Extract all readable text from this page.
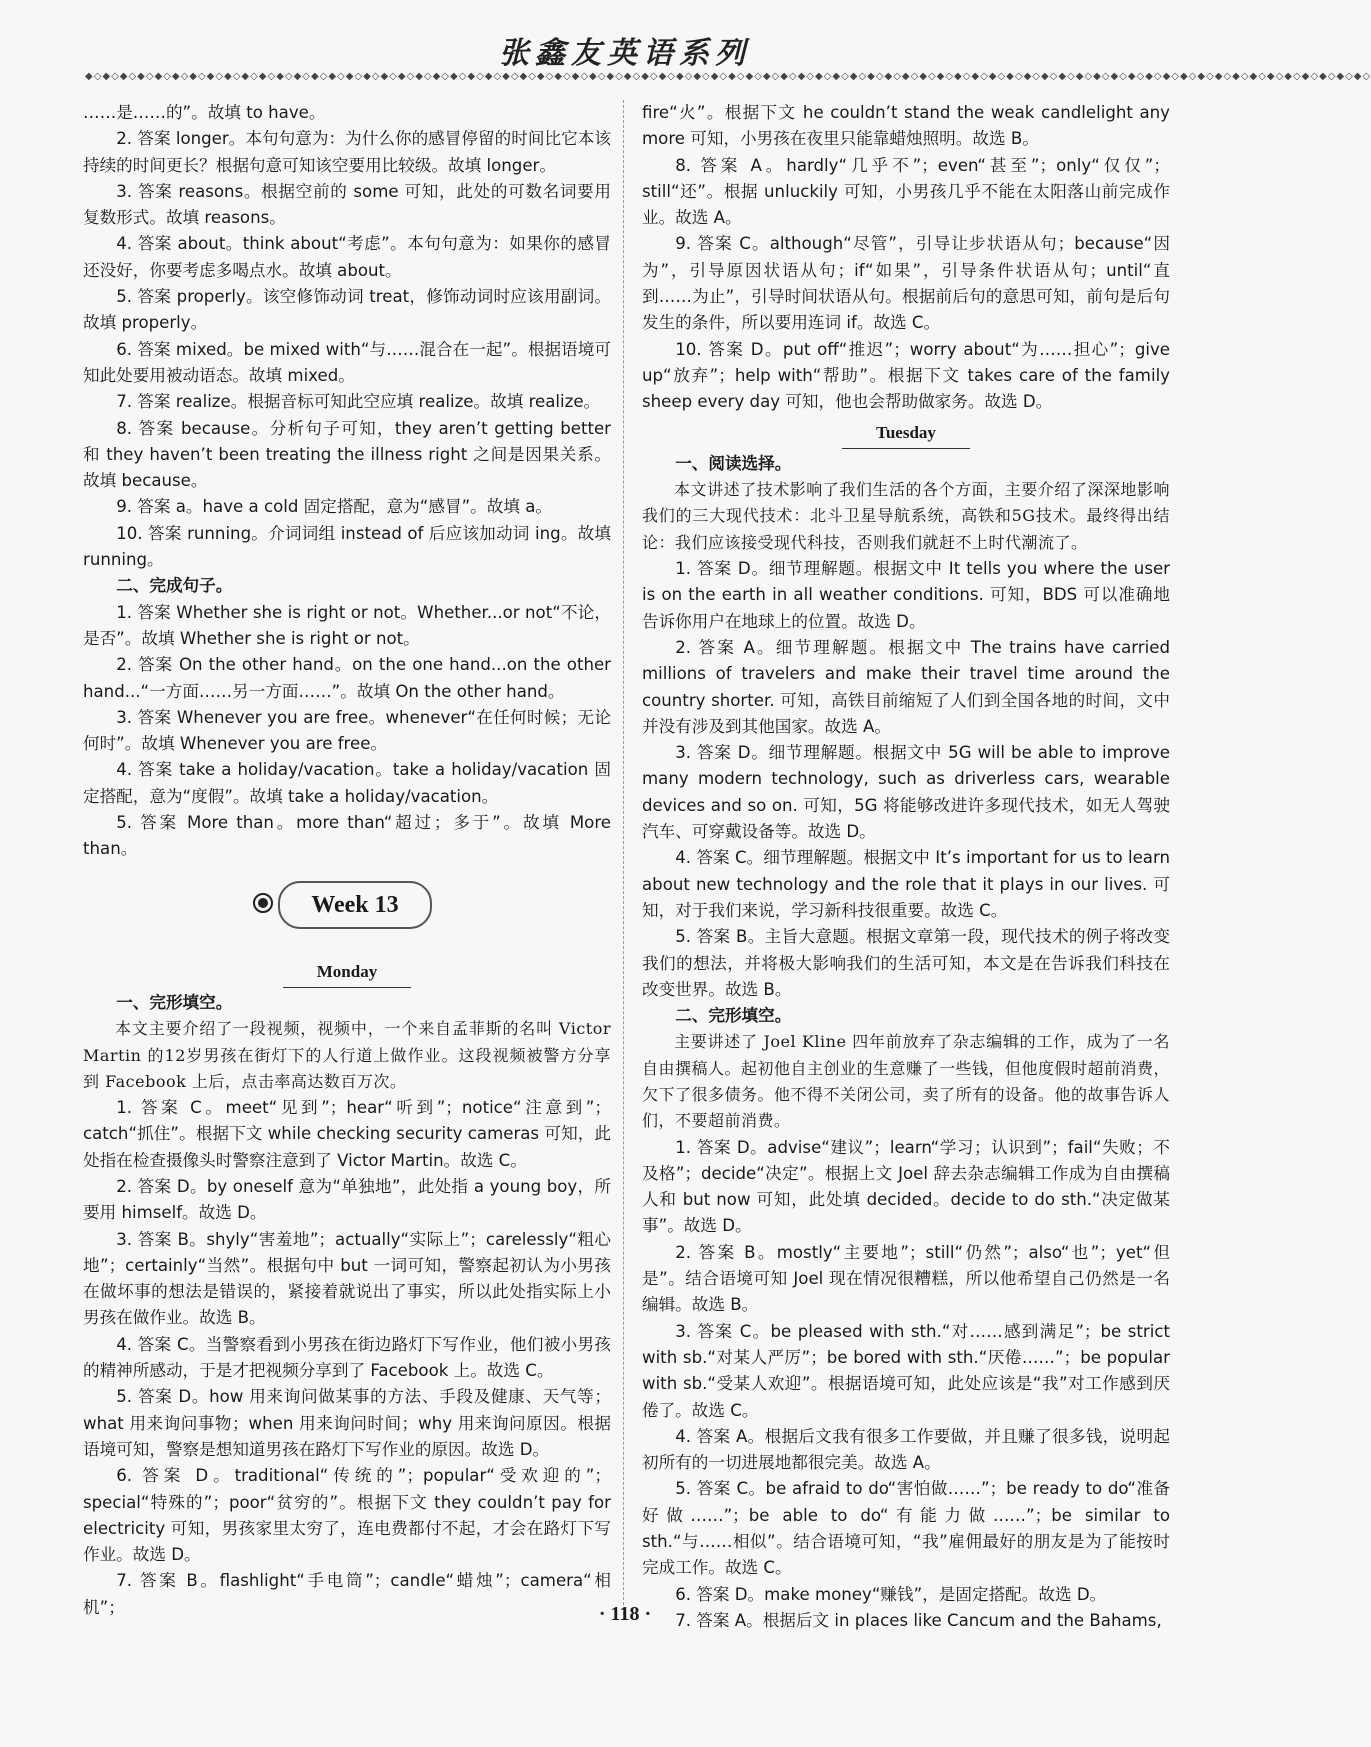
张鑫友英语系列
◆◇◆◇◆◇◆◇◆◇◆◇◆◇◆◇◆◇◆◇◆◇◆◇◆◇◆◇◆◇◆◇◆◇◆◇◆◇◆◇◆◇◆◇◆◇◆◇◆◇◆◇◆◇◆◇◆◇◆◇◆◇◆◇◆◇◆◇◆◇◆◇◆◇◆◇◆◇◆◇◆◇◆◇◆◇◆◇◆◇◆◇◆◇◆◇◆◇◆◇◆◇◆◇◆◇◆◇◆◇◆◇◆◇◆◇◆◇◆◇◆◇◆◇◆◇◆◇◆◇◆◇◆◇◆◇◆◇◆◇◆◇◆◇◆◇◆◇

……是……的”。故填 to have。

2. 答案 longer。本句句意为：为什么你的感冒停留的时间比它本该持续的时间更长？根据句意可知该空要用比较级。故填 longer。

3. 答案 reasons。根据空前的 some 可知，此处的可数名词要用复数形式。故填 reasons。

4. 答案 about。think about“考虑”。本句句意为：如果你的感冒还没好，你要考虑多喝点水。故填 about。

5. 答案 properly。该空修饰动词 treat，修饰动词时应该用副词。故填 properly。

6. 答案 mixed。be mixed with“与……混合在一起”。根据语境可知此处要用被动语态。故填 mixed。

7. 答案 realize。根据音标可知此空应填 realize。故填 realize。

8. 答案 because。分析句子可知，they aren’t getting better 和 they haven’t been treating the illness right 之间是因果关系。故填 because。

9. 答案 a。have a cold 固定搭配，意为“感冒”。故填 a。

10. 答案 running。介词词组 instead of 后应该加动词 ing。故填 running。

二、完成句子。

1. 答案 Whether she is right or not。Whether...or not“不论，是否”。故填 Whether she is right or not。

2. 答案 On the other hand。on the one hand...on the other hand...“一方面……另一方面……”。故填 On the other hand。

3. 答案 Whenever you are free。whenever“在任何时候；无论何时”。故填 Whenever you are free。

4. 答案 take a holiday/vacation。take a holiday/vacation 固定搭配，意为“度假”。故填 take a holiday/vacation。

5. 答案 More than。more than“超过；多于”。故填 More than。

Week 13
Monday

一、完形填空。

本文主要介绍了一段视频，视频中，一个来自孟菲斯的名叫 Victor Martin 的12岁男孩在街灯下的人行道上做作业。这段视频被警方分享到 Facebook 上后，点击率高达数百万次。

1. 答案 C。meet“见到”；hear“听到”；notice“注意到”；catch“抓住”。根据下文 while checking security cameras 可知，此处指在检查摄像头时警察注意到了 Victor Martin。故选 C。

2. 答案 D。by oneself 意为“单独地”，此处指 a young boy，所要用 himself。故选 D。

3. 答案 B。shyly“害羞地”；actually“实际上”；carelessly“粗心地”；certainly“当然”。根据句中 but 一词可知，警察起初认为小男孩在做坏事的想法是错误的，紧接着就说出了事实，所以此处指实际上小男孩在做作业。故选 B。

4. 答案 C。当警察看到小男孩在街边路灯下写作业，他们被小男孩的精神所感动，于是才把视频分享到了 Facebook 上。故选 C。

5. 答案 D。how 用来询问做某事的方法、手段及健康、天气等；what 用来询问事物；when 用来询问时间；why 用来询问原因。根据语境可知，警察是想知道男孩在路灯下写作业的原因。故选 D。

6. 答案 D。traditional“传统的”；popular“受欢迎的”；special“特殊的”；poor“贫穷的”。根据下文 they couldn’t pay for electricity 可知，男孩家里太穷了，连电费都付不起，才会在路灯下写作业。故选 D。

7. 答案 B。flashlight“手电筒”；candle“蜡烛”；camera“相机”；

fire“火”。根据下文 he couldn’t stand the weak candlelight any more 可知，小男孩在夜里只能靠蜡烛照明。故选 B。

8. 答案 A。hardly“几乎不”；even“甚至”；only“仅仅”；still“还”。根据 unluckily 可知，小男孩几乎不能在太阳落山前完成作业。故选 A。

9. 答案 C。although“尽管”，引导让步状语从句；because“因为”，引导原因状语从句；if“如果”，引导条件状语从句；until“直到……为止”，引导时间状语从句。根据前后句的意思可知，前句是后句发生的条件，所以要用连词 if。故选 C。

10. 答案 D。put off“推迟”；worry about“为……担心”；give up“放弃”；help with“帮助”。根据下文 takes care of the family sheep every day 可知，他也会帮助做家务。故选 D。

Tuesday

一、阅读选择。

本文讲述了技术影响了我们生活的各个方面，主要介绍了深深地影响我们的三大现代技术：北斗卫星导航系统，高铁和5G技术。最终得出结论：我们应该接受现代科技，否则我们就赶不上时代潮流了。

1. 答案 D。细节理解题。根据文中 It tells you where the user is on the earth in all weather conditions. 可知，BDS 可以准确地告诉你用户在地球上的位置。故选 D。

2. 答案 A。细节理解题。根据文中 The trains have carried millions of travelers and make their travel time around the country shorter. 可知，高铁目前缩短了人们到全国各地的时间，文中并没有涉及到其他国家。故选 A。

3. 答案 D。细节理解题。根据文中 5G will be able to improve many modern technology, such as driverless cars, wearable devices and so on. 可知，5G 将能够改进许多现代技术，如无人驾驶汽车、可穿戴设备等。故选 D。

4. 答案 C。细节理解题。根据文中 It’s important for us to learn about new technology and the role that it plays in our lives. 可知，对于我们来说，学习新科技很重要。故选 C。

5. 答案 B。主旨大意题。根据文章第一段，现代技术的例子将改变我们的想法，并将极大影响我们的生活可知，本文是在告诉我们科技在改变世界。故选 B。

二、完形填空。

主要讲述了 Joel Kline 四年前放弃了杂志编辑的工作，成为了一名自由撰稿人。起初他自主创业的生意赚了一些钱，但他度假时超前消费，欠下了很多债务。他不得不关闭公司，卖了所有的设备。他的故事告诉人们，不要超前消费。

1. 答案 D。advise“建议”；learn“学习；认识到”；fail“失败；不及格”；decide“决定”。根据上文 Joel 辞去杂志编辑工作成为自由撰稿人和 but now 可知，此处填 decided。decide to do sth.“决定做某事”。故选 D。

2. 答案 B。mostly“主要地”；still“仍然”；also“也”；yet“但是”。结合语境可知 Joel 现在情况很糟糕，所以他希望自己仍然是一名编辑。故选 B。

3. 答案 C。be pleased with sth.“对……感到满足”；be strict with sb.“对某人严厉”；be bored with sth.“厌倦……”；be popular with sb.“受某人欢迎”。根据语境可知，此处应该是“我”对工作感到厌倦了。故选 C。

4. 答案 A。根据后文我有很多工作要做，并且赚了很多钱，说明起初所有的一切进展地都很完美。故选 A。

5. 答案 C。be afraid to do“害怕做……”；be ready to do“准备好做……”；be able to do“有能力做……”；be similar to sth.“与……相似”。结合语境可知，“我”雇佣最好的朋友是为了能按时完成工作。故选 C。

6. 答案 D。make money“赚钱”，是固定搭配。故选 D。

7. 答案 A。根据后文 in places like Cancum and the Bahams,

· 118 ·
